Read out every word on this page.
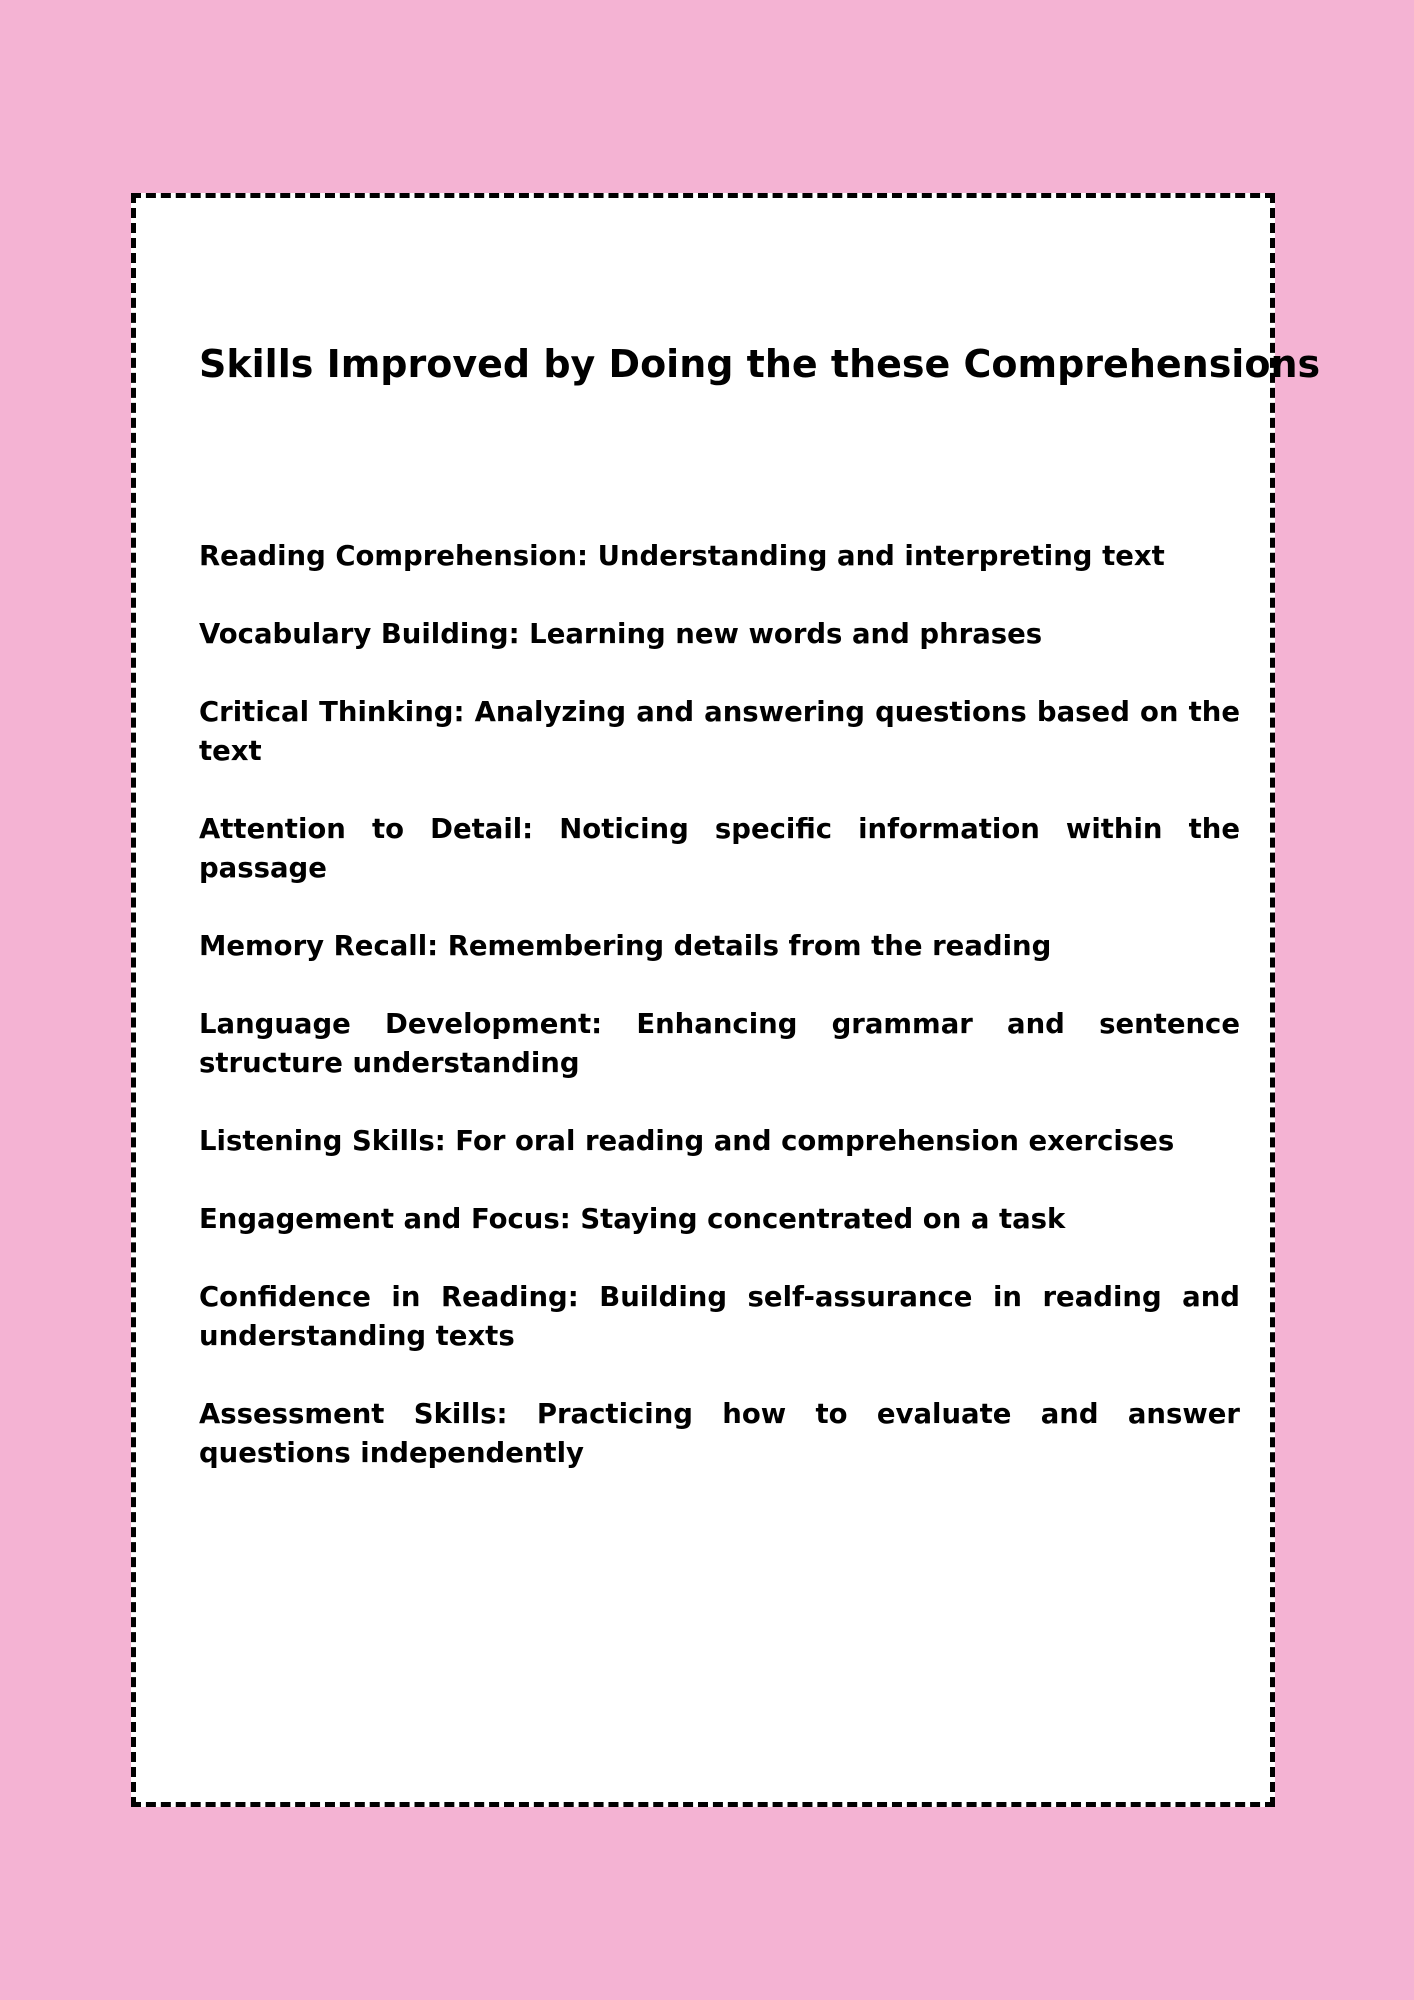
Skills Improved by Doing the these Comprehensions
Reading Comprehension: Understanding and interpreting text
Vocabulary Building: Learning new words and phrases
Critical Thinking: Analyzing and answering questions based on the text
Attention to Detail: Noticing specific information within the passage
Memory Recall: Remembering details from the reading
Language Development: Enhancing grammar and sentence structure understanding
Listening Skills: For oral reading and comprehension exercises
Engagement and Focus: Staying concentrated on a task
Confidence in Reading: Building self-assurance in reading and understanding texts
Assessment Skills: Practicing how to evaluate and answer questions independently
